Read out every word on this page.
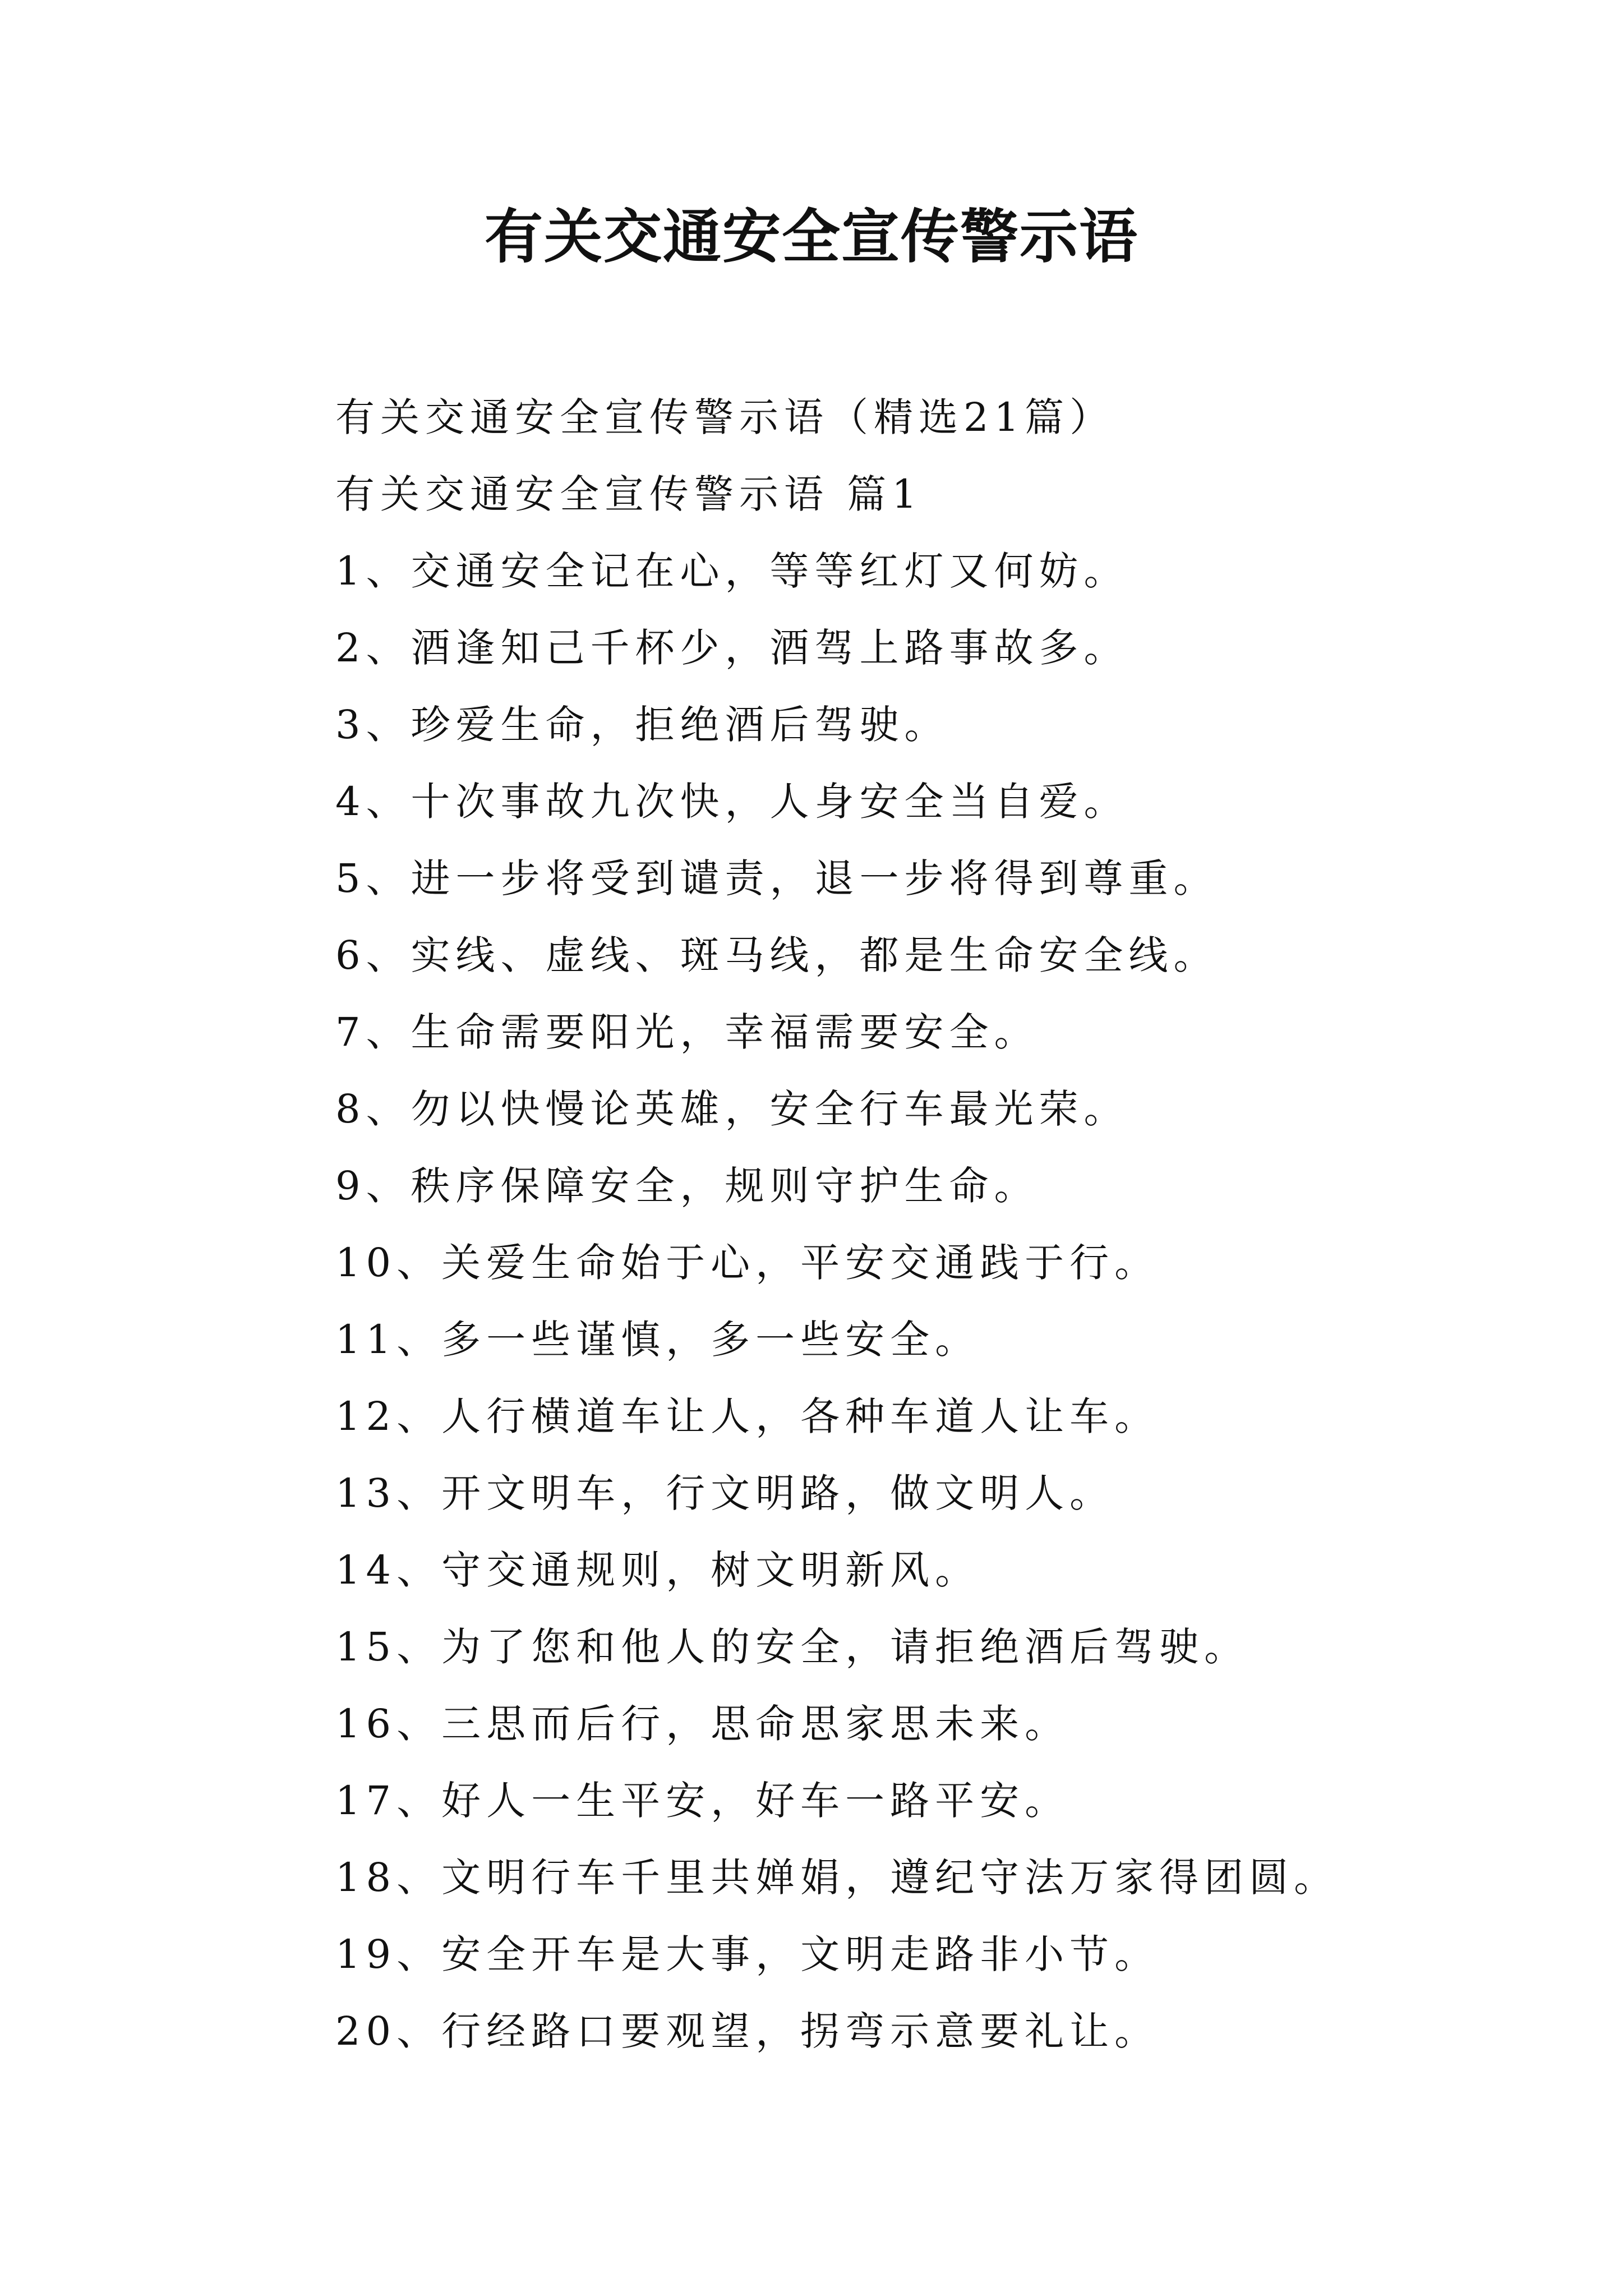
有关交通安全宣传警示语
有关交通安全宣传警示语（精选21篇）
有关交通安全宣传警示语 篇1
1、交通安全记在心，等等红灯又何妨。
2、酒逢知己千杯少，酒驾上路事故多。
3、珍爱生命，拒绝酒后驾驶。
4、十次事故九次快，人身安全当自爱。
5、进一步将受到谴责，退一步将得到尊重。
6、实线、虚线、斑马线，都是生命安全线。
7、生命需要阳光，幸福需要安全。
8、勿以快慢论英雄，安全行车最光荣。
9、秩序保障安全，规则守护生命。
10、关爱生命始于心，平安交通践于行。
11、多一些谨慎，多一些安全。
12、人行横道车让人，各种车道人让车。
13、开文明车，行文明路，做文明人。
14、守交通规则，树文明新风。
15、为了您和他人的安全，请拒绝酒后驾驶。
16、三思而后行，思命思家思未来。
17、好人一生平安，好车一路平安。
18、文明行车千里共婵娟，遵纪守法万家得团圆。
19、安全开车是大事，文明走路非小节。
20、行经路口要观望，拐弯示意要礼让。
